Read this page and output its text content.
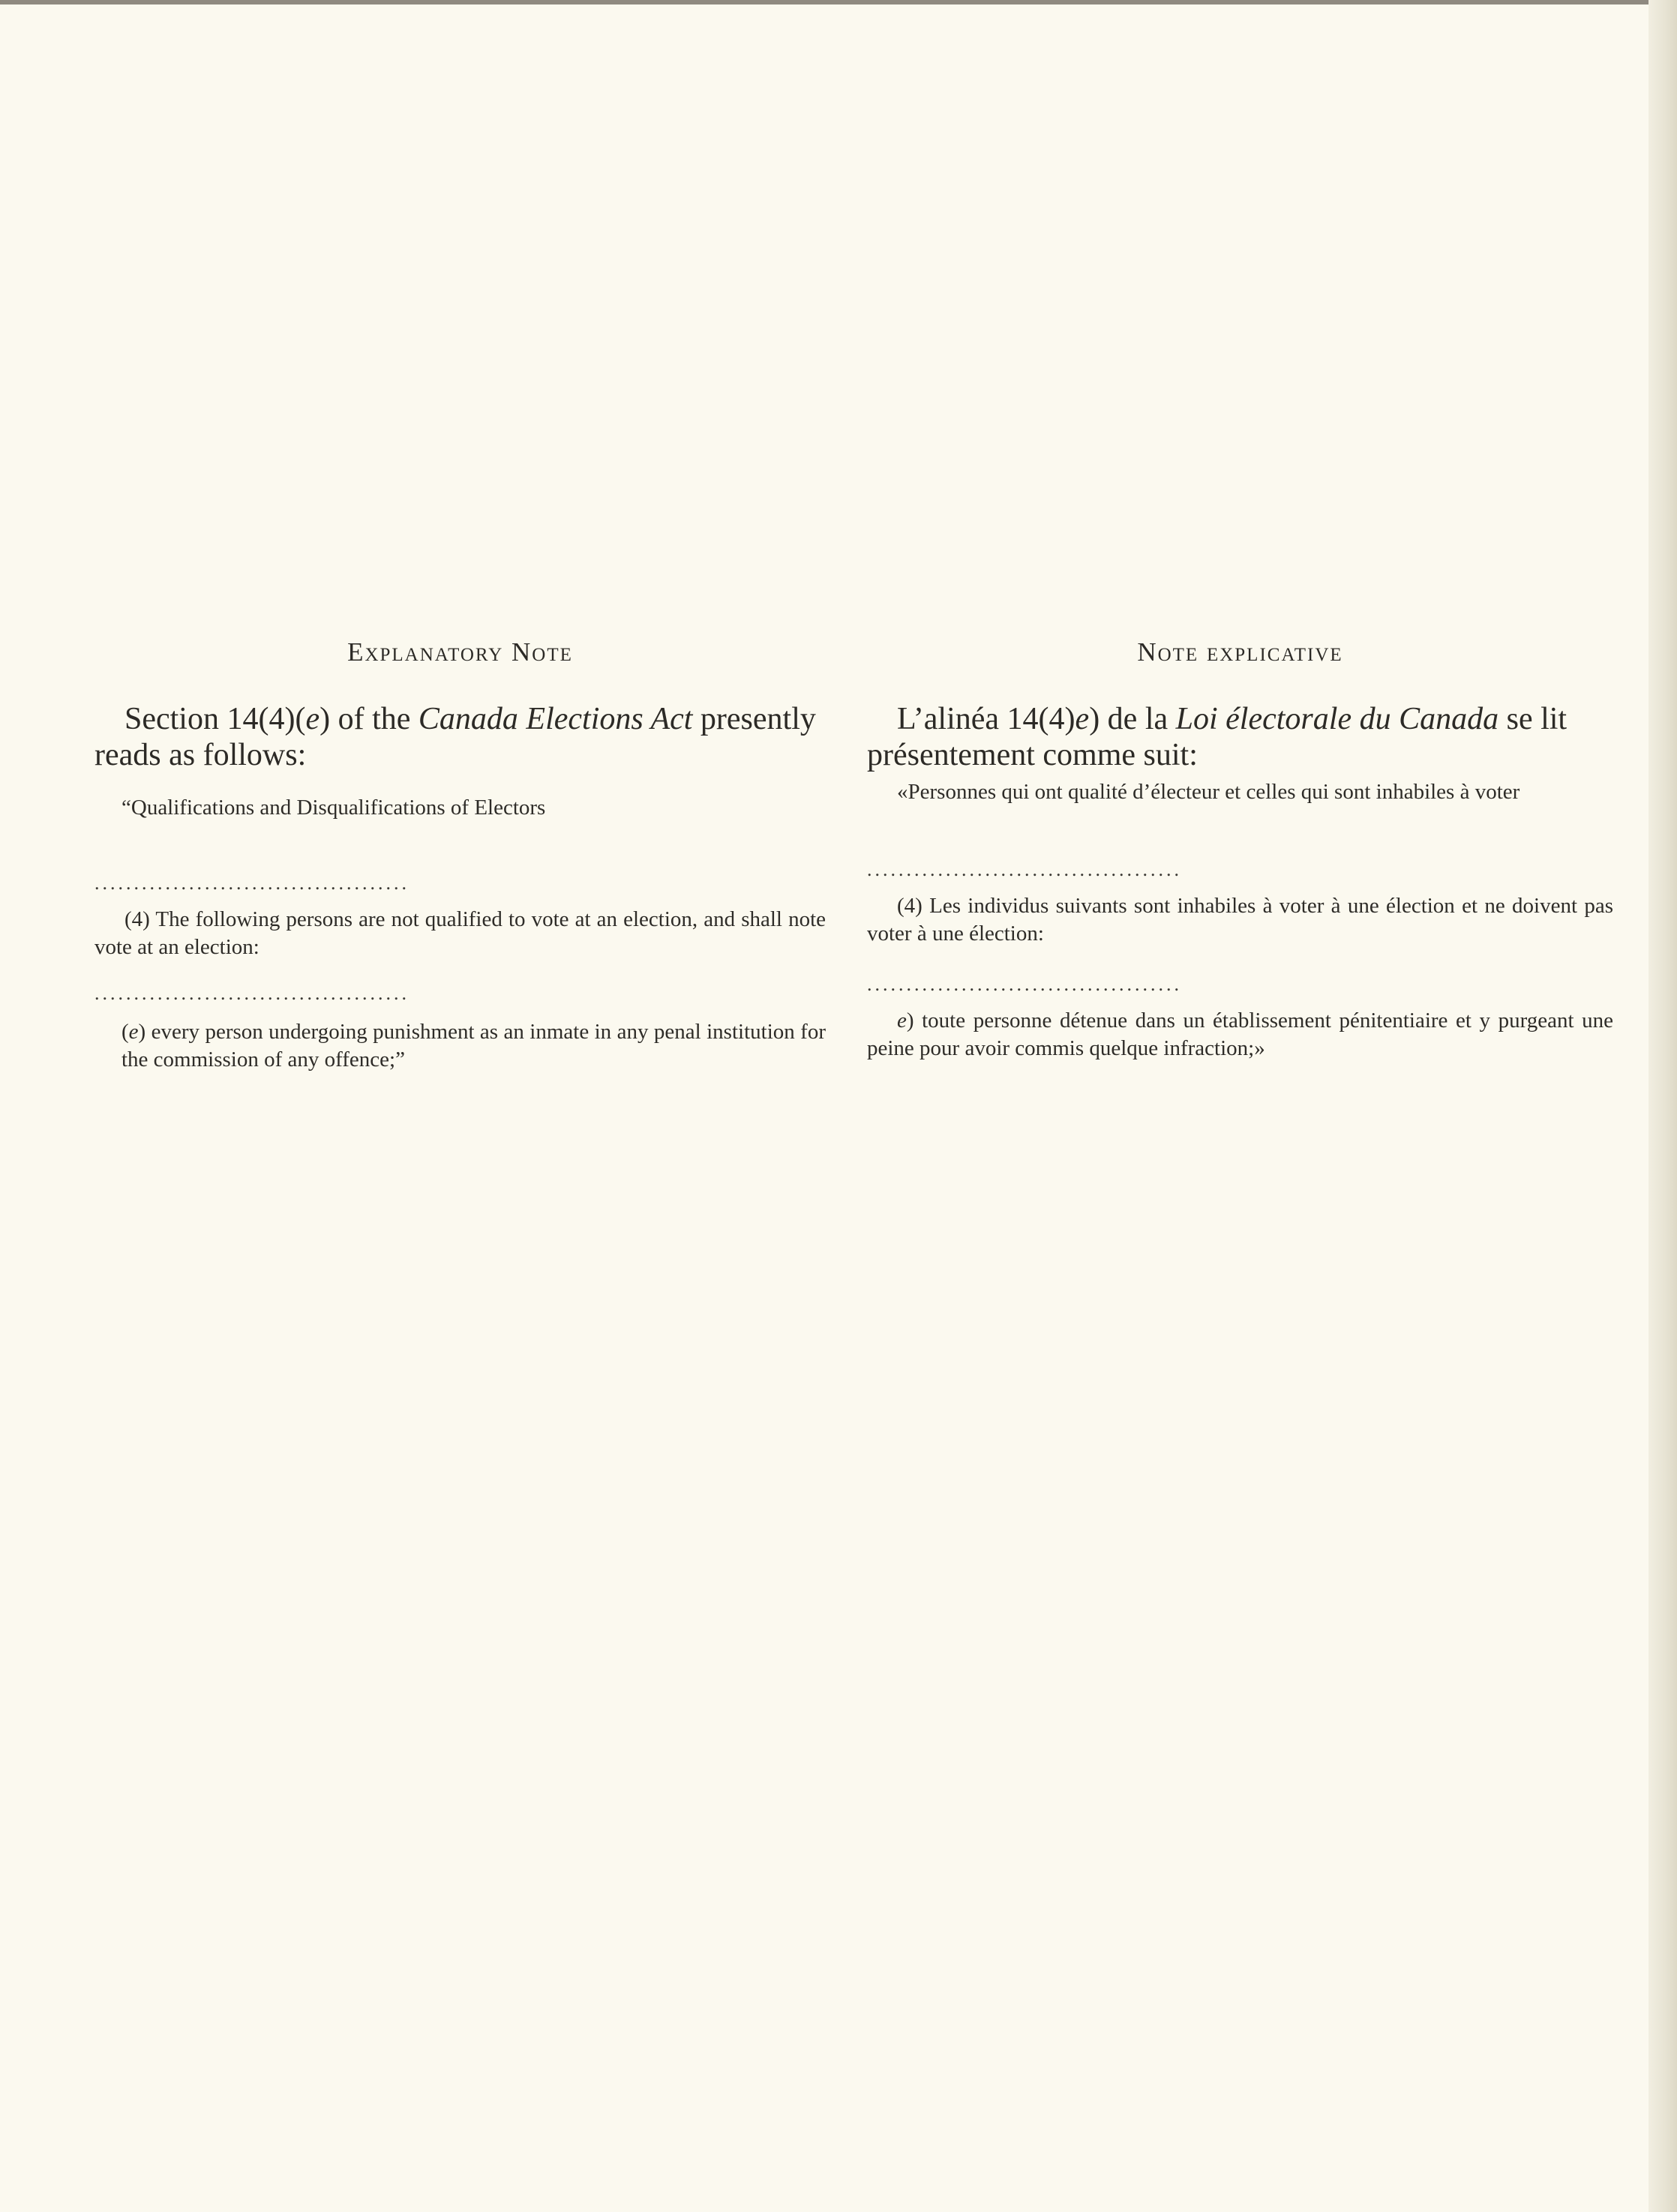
Explanatory Note
Section 14(4)(e) of the Canada Elections Act presently reads as follows:
“Qualifications and Disqualifications of Electors
........................................
(4) The following persons are not qualified to vote at an election, and shall note vote at an election:
........................................
(e) every person undergoing punishment as an inmate in any penal institution for the commission of any offence;”
Note explicative
L’alinéa 14(4)e) de la Loi électorale du Canada se lit présentement comme suit:
«Personnes qui ont qualité d’électeur et celles qui sont inhabiles à voter
........................................
(4) Les individus suivants sont inhabiles à voter à une élection et ne doivent pas voter à une élection:
........................................
e) toute personne détenue dans un établissement pénitentiaire et y purgeant une peine pour avoir commis quelque infraction;»
